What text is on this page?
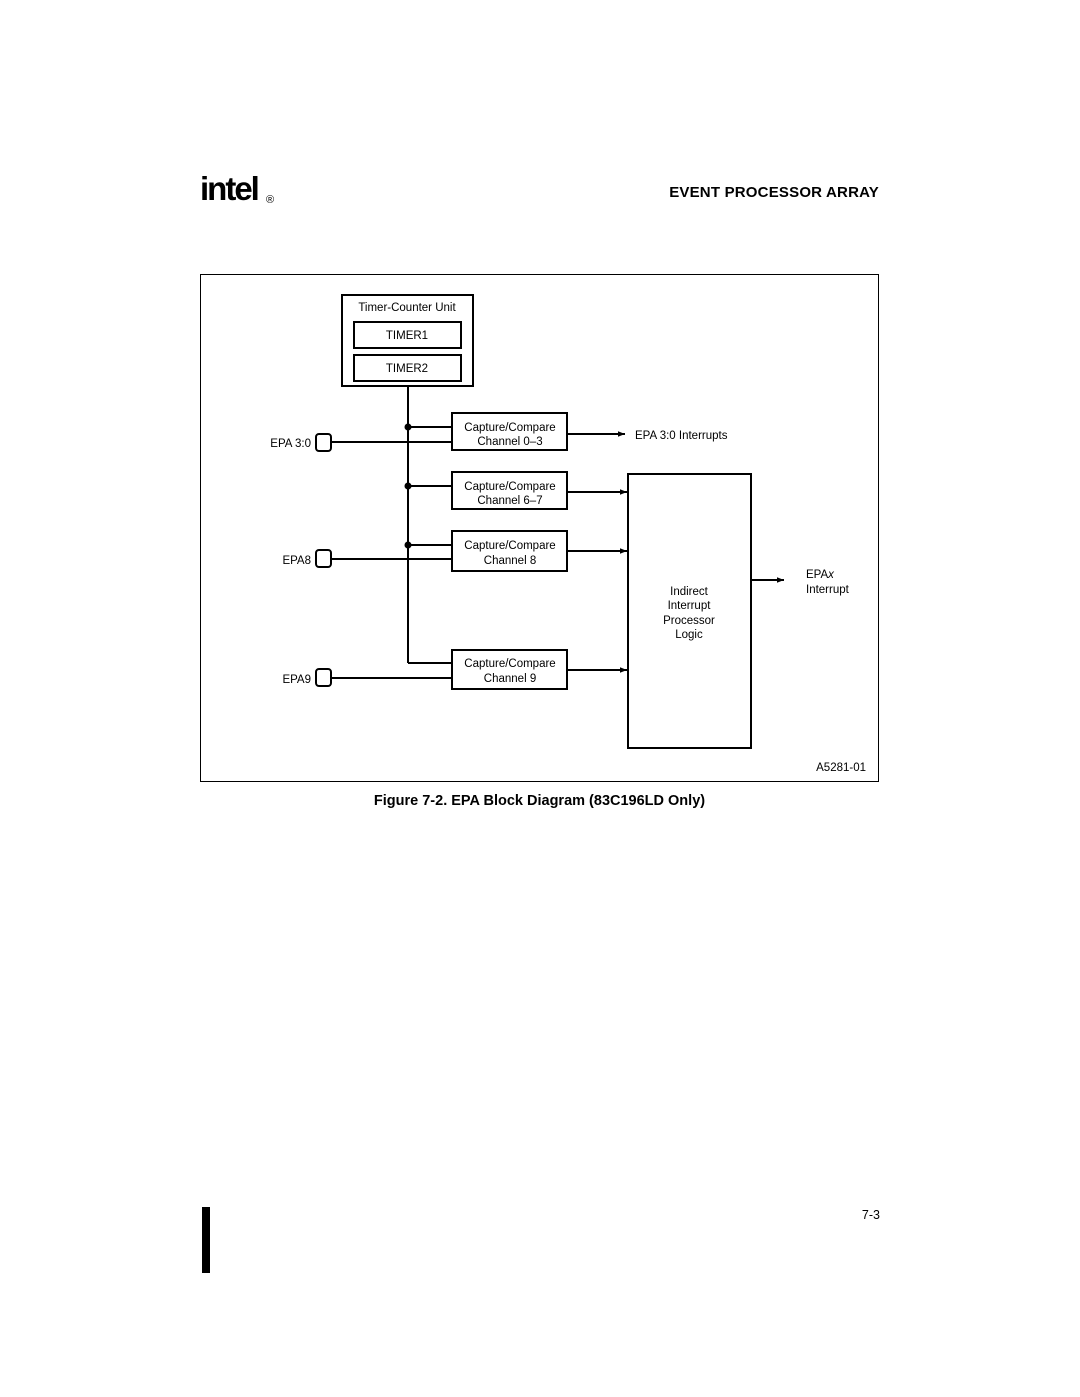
intel ®	EVENT PROCESSOR ARRAY
Timer-Counter Unit
TIMER1
TIMER2
EPA 3:0
EPA8
EPA9
Capture/Compare
Channel 0–3
Capture/Compare
Channel 6–7
Capture/Compare
Channel 8
Capture/Compare
Channel 9
EPA 3:0 Interrupts
Indirect
Interrupt
Processor
Logic
EPAx
Interrupt
A5281-01
Figure 7-2. EPA Block Diagram (83C196LD Only)
7-3
